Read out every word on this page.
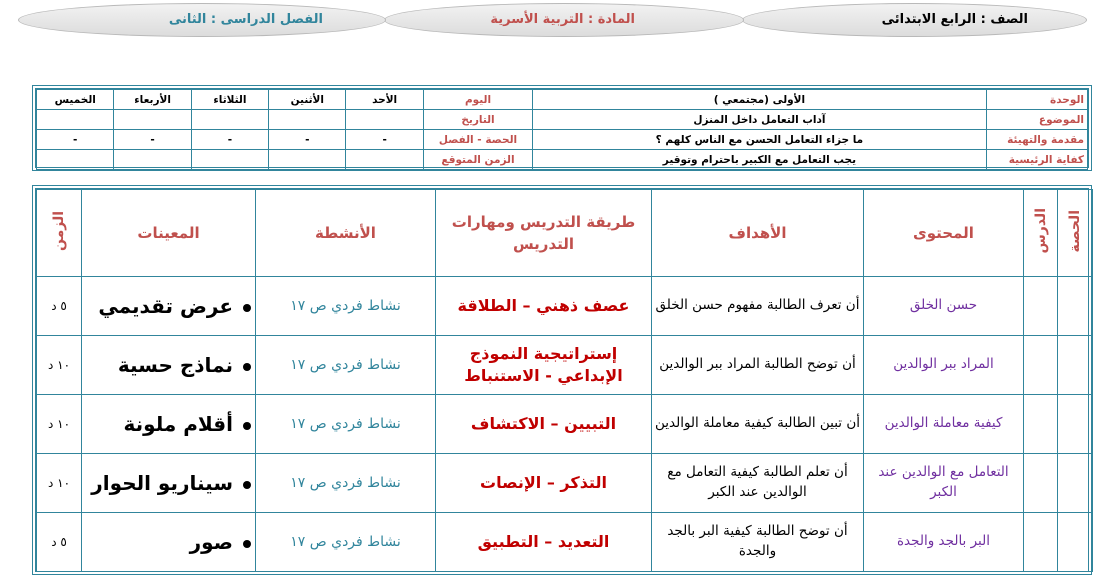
الصف : الرابع الابتدائى
المادة : التربية الأسرية
الفصل الدراسى : الثانى
الوحدة	الأولى (مجتمعي )	اليوم	الأحد	الأثنين	الثلاثاء	الأربعاء	الخميس
الموضوع	آداب التعامل داخل المنزل	التاريخ					
مقدمة والتهيئة	ما جزاء التعامل الحسن مع الناس كلهم ؟	الحصة - الفصل	-	-	-	-	-
كفاية الرئيسية	يجب التعامل مع الكبير باحترام وتوقير	الزمن المتوقع					
الحصة	الدرس	المحتوى	الأهداف	طريقة التدريس ومهارات التدريس	الأنشطة	المعينات	الزمن
		حسن الخلق	أن تعرف الطالبة مفهوم حسن الخلق	عصف ذهني – الطلاقة	نشاط فردي ص ١٧	عرض تقديمي	٥ د
		المراد ببر الوالدين	أن توضح الطالبة المراد ببر الوالدين	إستراتيجية النموذج الإبداعي - الاستنباط	نشاط فردي ص ١٧	نماذج حسية	١٠ د
		كيفية معاملة الوالدين	أن تبين الطالبة كيفية معاملة الوالدين	التبيين – الاكتشاف	نشاط فردي ص ١٧	أقلام ملونة	١٠ د
		التعامل مع الوالدين عند الكبر	أن تعلم الطالبة كيفية التعامل مع الوالدين عند الكبر	التذكر – الإنصات	نشاط فردي ص ١٧	سيناريو الحوار	١٠ د
		البر بالجد والجدة	أن توضح الطالبة كيفية البر بالجد والجدة	التعديد – التطبيق	نشاط فردي ص ١٧	صور	٥ د
